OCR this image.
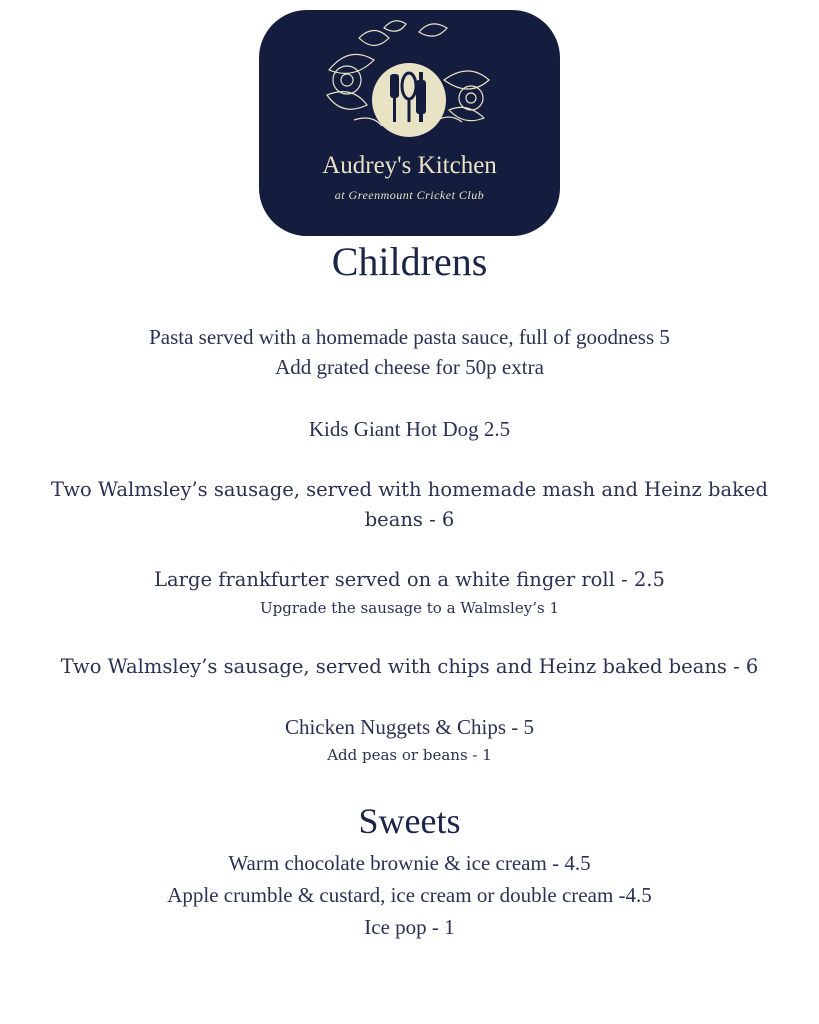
Audrey's Kitchen
at Greenmount Cricket Club
Childrens

Pasta served with a homemade pasta sauce, full of goodness 5

Add grated cheese for 50p extra

Kids Giant Hot Dog 2.5

Two Walmsley’s sausage, served with homemade mash and Heinz baked

beans - 6

Large frankfurter served on a white finger roll - 2.5

Upgrade the sausage to a Walmsley’s 1

Two Walmsley’s sausage, served with chips and Heinz baked beans - 6

Chicken Nuggets & Chips - 5

Add peas or beans - 1

Sweets

Warm chocolate brownie & ice cream - 4.5

Apple crumble & custard, ice cream or double cream -4.5

Ice pop - 1
